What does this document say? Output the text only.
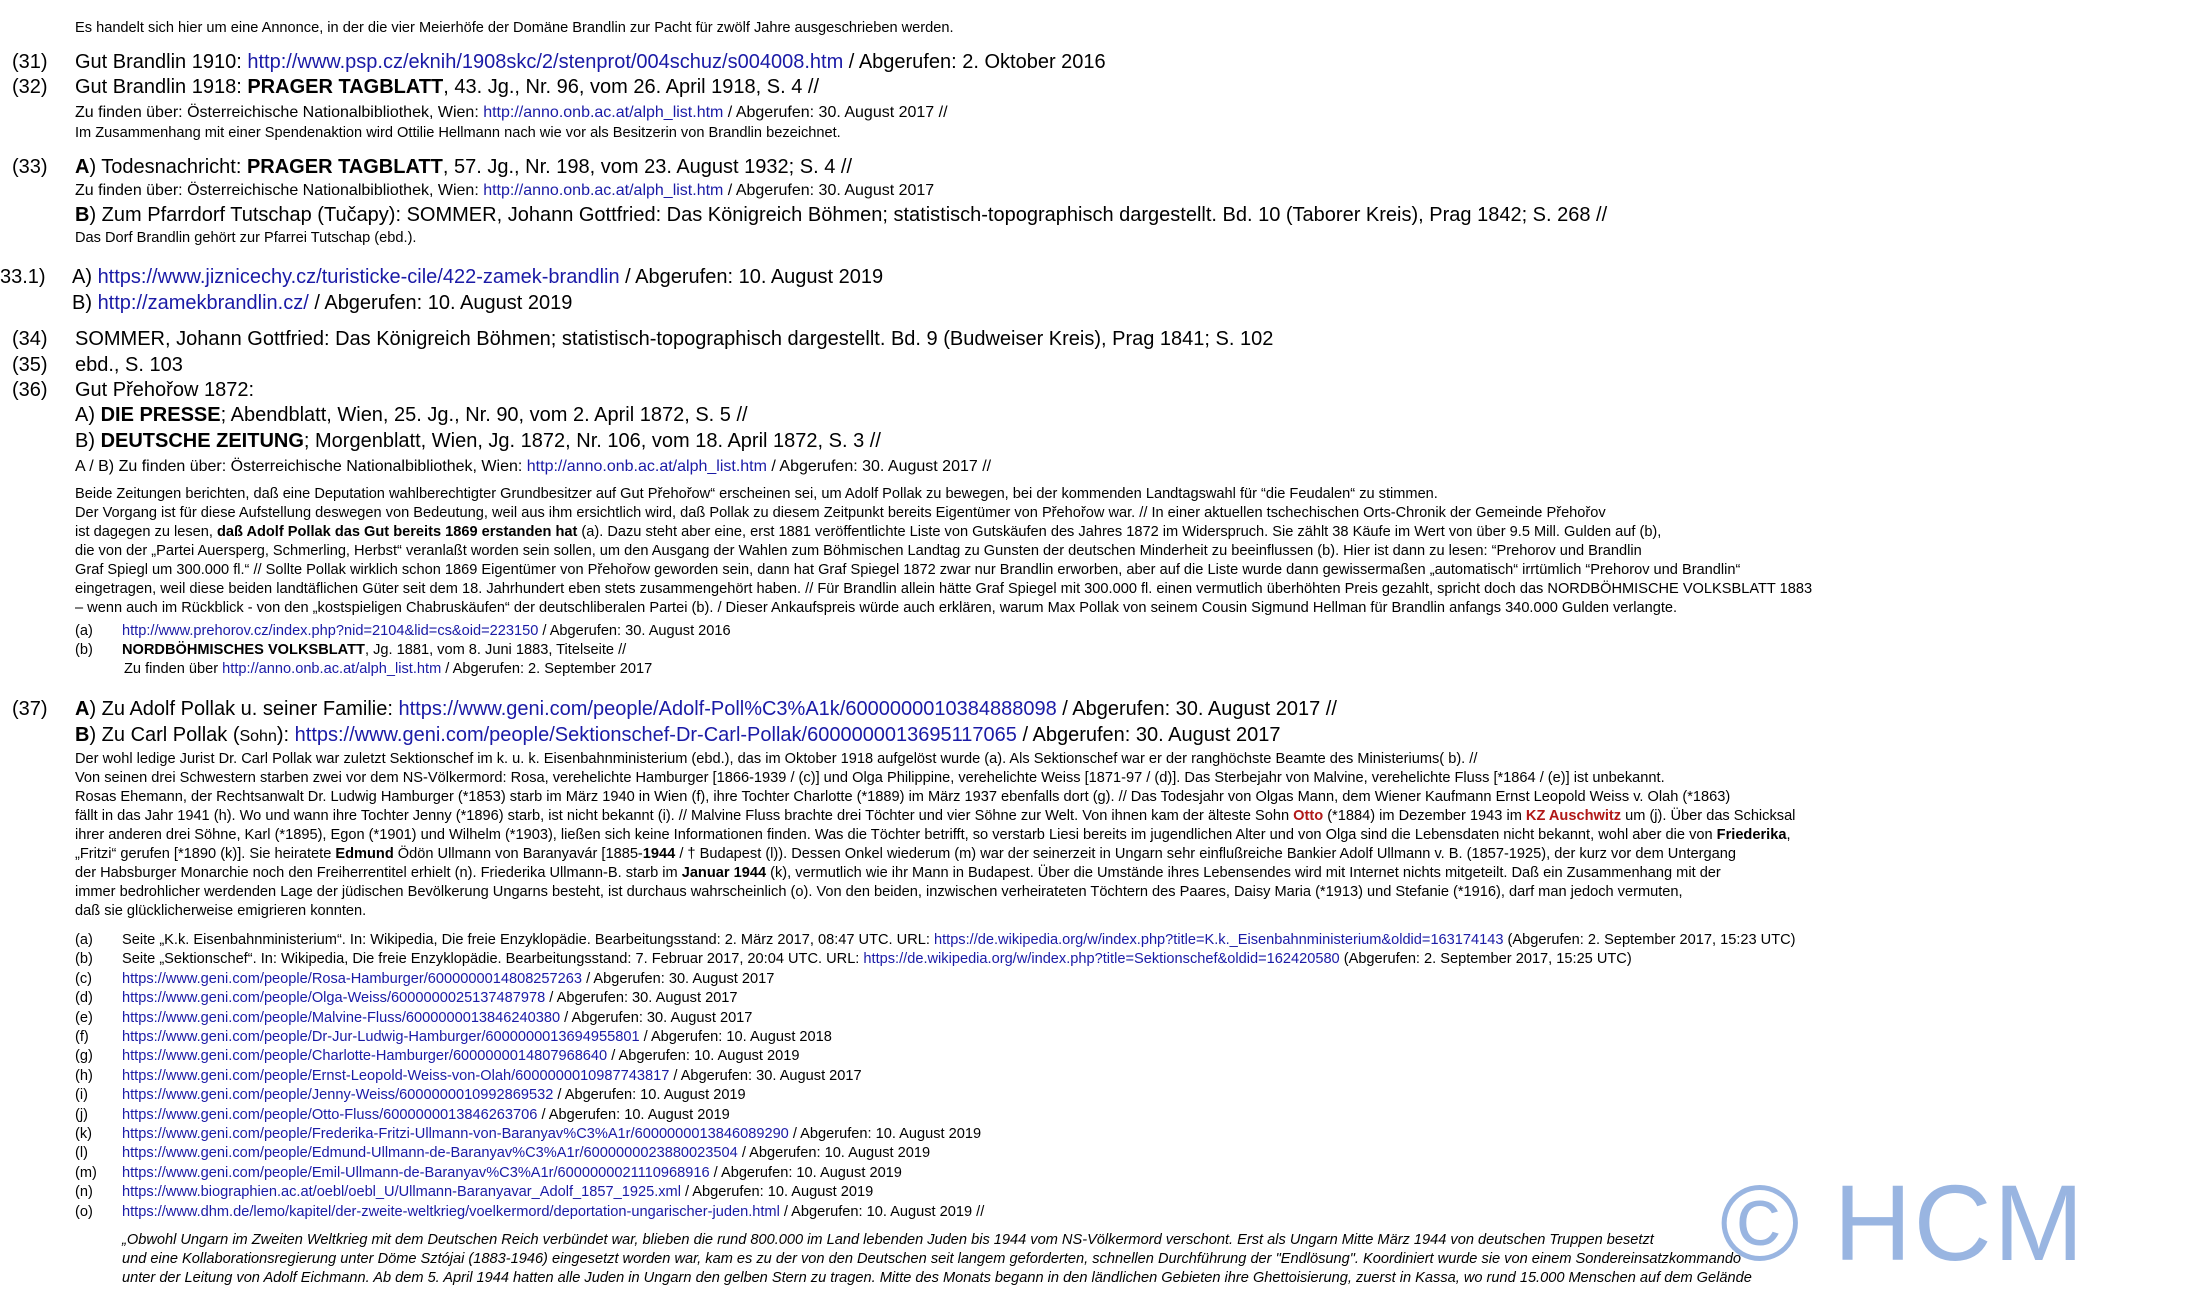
Es handelt sich hier um eine Annonce, in der die vier Meierhöfe der Domäne Brandlin zur Pacht für zwölf Jahre ausgeschrieben werden.
(31) Gut Brandlin 1910: http://www.psp.cz/eknih/1908skc/2/stenprot/004schuz/s004008.htm / Abgerufen: 2. Oktober 2016
(32) Gut Brandlin 1918: PRAGER TAGBLATT, 43. Jg., Nr. 96, vom 26. April 1918, S. 4 //
Zu finden über: Österreichische Nationalbibliothek, Wien: http://anno.onb.ac.at/alph_list.htm / Abgerufen: 30. August 2017 //
Im Zusammenhang mit einer Spendenaktion wird Ottilie Hellmann nach wie vor als Besitzerin von Brandlin bezeichnet.
(33) A) Todesnachricht: PRAGER TAGBLATT, 57. Jg., Nr. 198, vom 23. August 1932; S. 4 //
Zu finden über: Österreichische Nationalbibliothek, Wien: http://anno.onb.ac.at/alph_list.htm / Abgerufen: 30. August 2017
B) Zum Pfarrdorf Tutschap (Tučapy): SOMMER, Johann Gottfried: Das Königreich Böhmen; statistisch-topographisch dargestellt. Bd. 10 (Taborer Kreis), Prag 1842; S. 268 //
Das Dorf Brandlin gehört zur Pfarrei Tutschap (ebd.).
33.1) A) https://www.jiznicechy.cz/turisticke-cile/422-zamek-brandlin / Abgerufen: 10. August 2019
B) http://zamekbrandlin.cz/ / Abgerufen: 10. August 2019
(34) SOMMER, Johann Gottfried: Das Königreich Böhmen; statistisch-topographisch dargestellt. Bd. 9 (Budweiser Kreis), Prag 1841; S. 102
(35) ebd., S. 103
(36) Gut Přehořow 1872:
A) DIE PRESSE; Abendblatt, Wien, 25. Jg., Nr. 90, vom 2. April 1872, S. 5 //
B) DEUTSCHE ZEITUNG; Morgenblatt, Wien, Jg. 1872, Nr. 106, vom 18. April 1872, S. 3 //
A / B) Zu finden über: Österreichische Nationalbibliothek, Wien: http://anno.onb.ac.at/alph_list.htm / Abgerufen: 30. August 2017 //
Beide Zeitungen berichten, daß eine Deputation wahlberechtigter Grundbesitzer auf Gut Přehořow“ erscheinen sei, um Adolf Pollak zu bewegen, bei der kommenden Landtagswahl für “die Feudalen“ zu stimmen.
Der Vorgang ist für diese Aufstellung deswegen von Bedeutung, weil aus ihm ersichtlich wird, daß Pollak zu diesem Zeitpunkt bereits Eigentümer von Přehořow war. // In einer aktuellen tschechischen Orts-Chronik der Gemeinde Přehořov
ist dagegen zu lesen, daß Adolf Pollak das Gut bereits 1869 erstanden hat (a). Dazu steht aber eine, erst 1881 veröffentlichte Liste von Gutskäufen des Jahres 1872 im Widerspruch. Sie zählt 38 Käufe im Wert von über 9.5 Mill. Gulden auf (b),
die von der „Partei Auersperg, Schmerling, Herbst“ veranlaßt worden sein sollen, um den Ausgang der Wahlen zum Böhmischen Landtag zu Gunsten der deutschen Minderheit zu beeinflussen (b). Hier ist dann zu lesen: “Prehorov und Brandlin
Graf Spiegl um 300.000 fl.“ // Sollte Pollak wirklich schon 1869 Eigentümer von Přehořow geworden sein, dann hat Graf Spiegel 1872 zwar nur Brandlin erworben, aber auf die Liste wurde dann gewissermaßen „automatisch“ irrtümlich “Prehorov und Brandlin“
eingetragen, weil diese beiden landtäflichen Güter seit dem 18. Jahrhundert eben stets zusammengehört haben. // Für Brandlin allein hätte Graf Spiegel mit 300.000 fl. einen vermutlich überhöhten Preis gezahlt, spricht doch das NORDBÖHMISCHE VOLKSBLATT 1883
– wenn auch im Rückblick - von den „kostspieligen Chabruskäufen“ der deutschliberalen Partei (b). / Dieser Ankaufspreis würde auch erklären, warum Max Pollak von seinem Cousin Sigmund Hellman für Brandlin anfangs 340.000 Gulden verlangte.
(a) http://www.prehorov.cz/index.php?nid=2104&lid=cs&oid=223150 / Abgerufen: 30. August 2016
(b) NORDBÖHMISCHES VOLKSBLATT, Jg. 1881, vom 8. Juni 1883, Titelseite //
Zu finden über http://anno.onb.ac.at/alph_list.htm / Abgerufen: 2. September 2017
(37) A) Zu Adolf Pollak u. seiner Familie: https://www.geni.com/people/Adolf-Poll%C3%A1k/6000000010384888098 / Abgerufen: 30. August 2017 //
B) Zu Carl Pollak (Sohn): https://www.geni.com/people/Sektionschef-Dr-Carl-Pollak/6000000013695117065 / Abgerufen: 30. August 2017
Der wohl ledige Jurist Dr. Carl Pollak war zuletzt Sektionschef im k. u. k. Eisenbahnministerium (ebd.), das im Oktober 1918 aufgelöst wurde (a). Als Sektionschef war er der ranghöchste Beamte des Ministeriums( b). //
Von seinen drei Schwestern starben zwei vor dem NS-Völkermord: Rosa, verehelichte Hamburger [1866-1939 / (c)] und Olga Philippine, verehelichte Weiss [1871-97 / (d)]. Das Sterbejahr von Malvine, verehelichte Fluss [*1864 / (e)] ist unbekannt.
Rosas Ehemann, der Rechtsanwalt Dr. Ludwig Hamburger (*1853) starb im März 1940 in Wien (f), ihre Tochter Charlotte (*1889) im März 1937 ebenfalls dort (g). // Das Todesjahr von Olgas Mann, dem Wiener Kaufmann Ernst Leopold Weiss v. Olah (*1863)
fällt in das Jahr 1941 (h). Wo und wann ihre Tochter Jenny (*1896) starb, ist nicht bekannt (i). // Malvine Fluss brachte drei Töchter und vier Söhne zur Welt. Von ihnen kam der älteste Sohn Otto (*1884) im Dezember 1943 im KZ Auschwitz um (j). Über das Schicksal
ihrer anderen drei Söhne, Karl (*1895), Egon (*1901) und Wilhelm (*1903), ließen sich keine Informationen finden. Was die Töchter betrifft, so verstarb Liesi bereits im jugendlichen Alter und von Olga sind die Lebensdaten nicht bekannt, wohl aber die von Friederika,
„Fritzi“ gerufen [*1890 (k)]. Sie heiratete Edmund Ödön Ullmann von Baranyavár [1885-1944 / † Budapest (l)). Dessen Onkel wiederum (m) war der seinerzeit in Ungarn sehr einflußreiche Bankier Adolf Ullmann v. B. (1857-1925), der kurz vor dem Untergang
der Habsburger Monarchie noch den Freiherrentitel erhielt (n). Friederika Ullmann-B. starb im Januar 1944 (k), vermutlich wie ihr Mann in Budapest. Über die Umstände ihres Lebensendes wird mit Internet nichts mitgeteilt. Daß ein Zusammenhang mit der
immer bedrohlicher werdenden Lage der jüdischen Bevölkerung Ungarns besteht, ist durchaus wahrscheinlich (o). Von den beiden, inzwischen verheirateten Töchtern des Paares, Daisy Maria (*1913) und Stefanie (*1916), darf man jedoch vermuten,
daß sie glücklicherweise emigrieren konnten.
(a) Seite „K.k. Eisenbahnministerium“. In: Wikipedia, Die freie Enzyklopädie. Bearbeitungsstand: 2. März 2017, 08:47 UTC. URL: https://de.wikipedia.org/w/index.php?title=K.k._Eisenbahnministerium&oldid=163174143 (Abgerufen: 2. September 2017, 15:23 UTC)
(b) Seite „Sektionschef“. In: Wikipedia, Die freie Enzyklopädie. Bearbeitungsstand: 7. Februar 2017, 20:04 UTC. URL: https://de.wikipedia.org/w/index.php?title=Sektionschef&oldid=162420580 (Abgerufen: 2. September 2017, 15:25 UTC)
(c) https://www.geni.com/people/Rosa-Hamburger/6000000014808257263 / Abgerufen: 30. August 2017
(d) https://www.geni.com/people/Olga-Weiss/6000000025137487978 / Abgerufen: 30. August 2017
(e) https://www.geni.com/people/Malvine-Fluss/6000000013846240380 / Abgerufen: 30. August 2017
(f) https://www.geni.com/people/Dr-Jur-Ludwig-Hamburger/6000000013694955801 / Abgerufen: 10. August 2018
(g) https://www.geni.com/people/Charlotte-Hamburger/6000000014807968640 / Abgerufen: 10. August 2019
(h) https://www.geni.com/people/Ernst-Leopold-Weiss-von-Olah/6000000010987743817 / Abgerufen: 30. August 2017
(i) https://www.geni.com/people/Jenny-Weiss/6000000010992869532 / Abgerufen: 10. August 2019
(j) https://www.geni.com/people/Otto-Fluss/6000000013846263706 / Abgerufen: 10. August 2019
(k) https://www.geni.com/people/Frederika-Fritzi-Ullmann-von-Baranyav%C3%A1r/6000000013846089290 / Abgerufen: 10. August 2019
(l) https://www.geni.com/people/Edmund-Ullmann-de-Baranyav%C3%A1r/6000000023880023504 / Abgerufen: 10. August 2019
(m) https://www.geni.com/people/Emil-Ullmann-de-Baranyav%C3%A1r/6000000021110968916 / Abgerufen: 10. August 2019
(n) https://www.biographien.ac.at/oebl/oebl_U/Ullmann-Baranyavar_Adolf_1857_1925.xml / Abgerufen: 10. August 2019
(o) https://www.dhm.de/lemo/kapitel/der-zweite-weltkrieg/voelkermord/deportation-ungarischer-juden.html / Abgerufen: 10. August 2019 //
„Obwohl Ungarn im Zweiten Weltkrieg mit dem Deutschen Reich verbündet war, blieben die rund 800.000 im Land lebenden Juden bis 1944 vom NS-Völkermord verschont. Erst als Ungarn Mitte März 1944 von deutschen Truppen besetzt
und eine Kollaborationsregierung unter Döme Sztójai (1883-1946) eingesetzt worden war, kam es zu der von den Deutschen seit langem geforderten, schnellen Durchführung der "Endlösung". Koordiniert wurde sie von einem Sondereinsatzkommando
unter der Leitung von Adolf Eichmann. Ab dem 5. April 1944 hatten alle Juden in Ungarn den gelben Stern zu tragen. Mitte des Monats begann in den ländlichen Gebieten ihre Ghettoisierung, zuerst in Kassa, wo rund 15.000 Menschen auf dem Gelände
© HCM
